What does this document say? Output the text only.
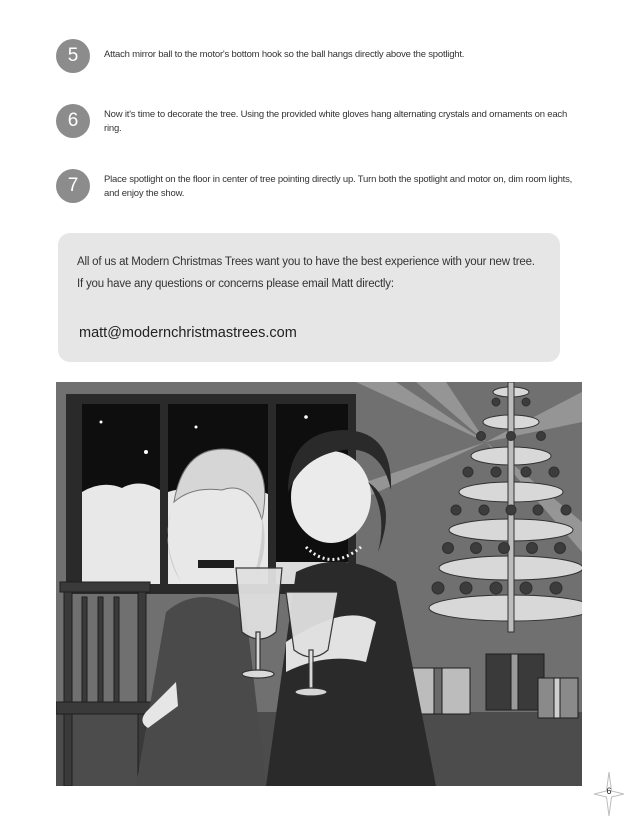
5	Attach mirror ball to the motor's bottom hook so the ball hangs directly above the spotlight.
6	Now it's time to decorate the tree. Using the provided white gloves hang alternating crystals and ornaments on each ring.
7	Place spotlight on the floor in center of tree pointing directly up. Turn both the spotlight and motor on, dim room lights, and enjoy the show.
All of us at Modern Christmas Trees want you to have the best experience with your new tree.
If you have any questions or concerns please email Matt directly:
matt@modernchristmastrees.com
6
